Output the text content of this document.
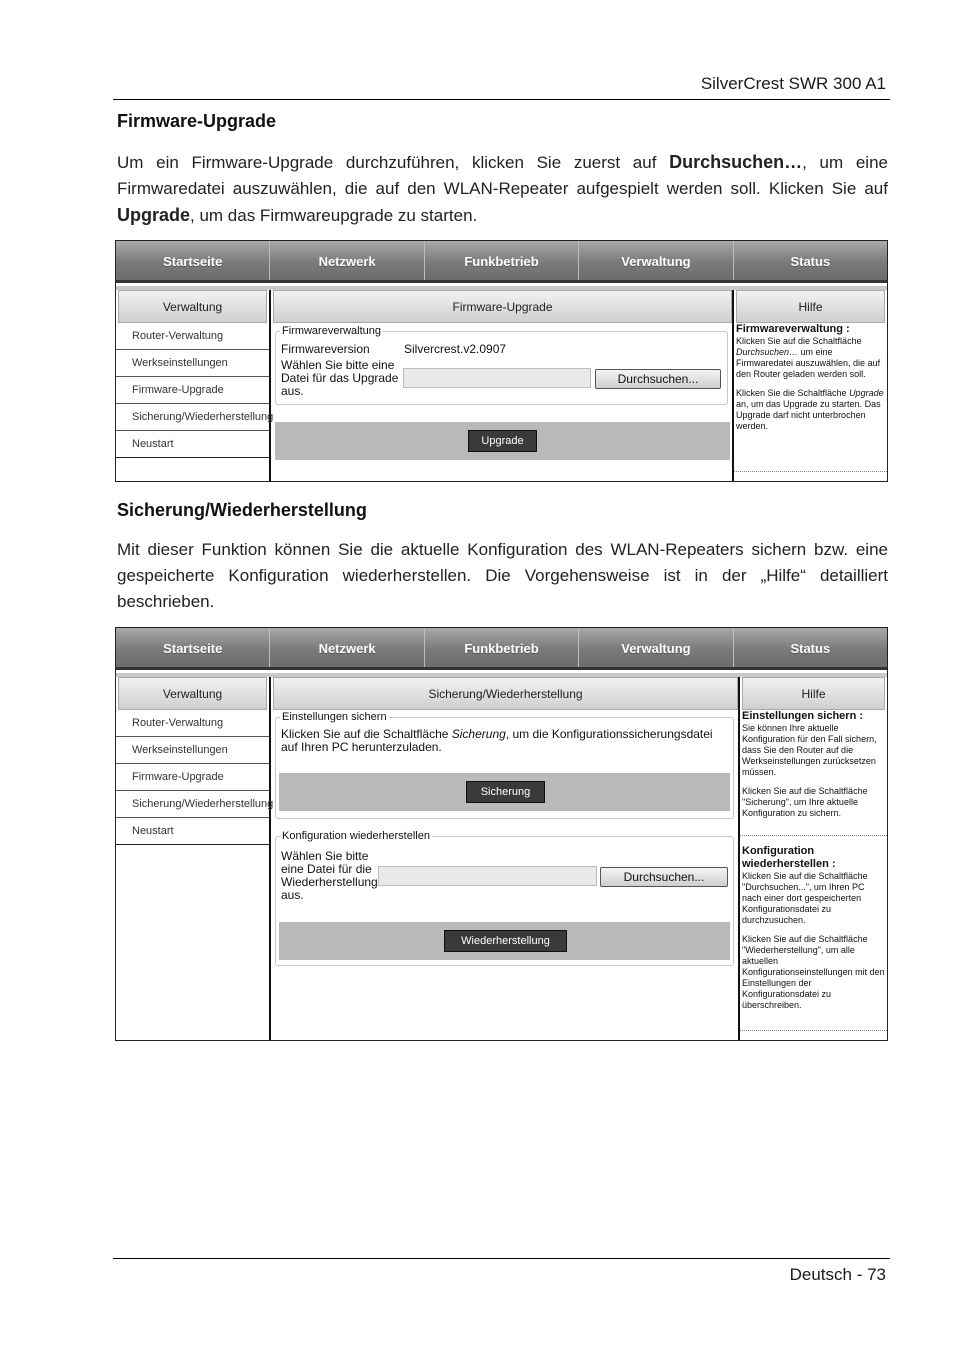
SilverCrest SWR 300 A1
Firmware-Upgrade
Um ein Firmware-Upgrade durchzuführen, klicken Sie zuerst auf Durchsuchen…, um eine Firmwaredatei auszuwählen, die auf den WLAN-Repeater aufgespielt werden soll. Klicken Sie auf Upgrade, um das Firmwareupgrade zu starten.
Startseite	Netzwerk	Funkbetrieb	Verwaltung	Status
Verwaltung
Router-Verwaltung
Werkseinstellungen
Firmware-Upgrade
Sicherung/Wiederherstellung
Neustart
Firmware-Upgrade
Firmwareverwaltung
Firmwareversion	Silvercrest.v2.0907
Wählen Sie bitte eine Datei für das Upgrade aus.
Durchsuchen...
Upgrade
Hilfe
Firmwareverwaltung :

Klicken Sie auf die Schaltfläche Durchsuchen… um eine Firmwaredatei auszuwählen, die auf den Router geladen werden soll.

Klicken Sie die Schaltfläche Upgrade an, um das Upgrade zu starten. Das Upgrade darf nicht unterbrochen werden.

Sicherung/Wiederherstellung
Mit dieser Funktion können Sie die aktuelle Konfiguration des WLAN-Repeaters sichern bzw. eine gespeicherte Konfiguration wiederherstellen. Die Vorgehensweise ist in der „Hilfe“ detailliert beschrieben.
Startseite	Netzwerk	Funkbetrieb	Verwaltung	Status
Verwaltung
Router-Verwaltung
Werkseinstellungen
Firmware-Upgrade
Sicherung/Wiederherstellung
Neustart
Sicherung/Wiederherstellung
Einstellungen sichern
Klicken Sie auf die Schaltfläche Sicherung, um die Konfigurationssicherungsdatei auf Ihren PC herunterzuladen.
Sicherung
Konfiguration wiederherstellen
Wählen Sie bitte eine Datei für die Wiederherstellung aus.
Durchsuchen...
Wiederherstellung
Hilfe
Einstellungen sichern :

Sie können Ihre aktuelle Konfiguration für den Fall sichern, dass Sie den Router auf die Werkseinstellungen zurücksetzen müssen.

Klicken Sie auf die Schaltfläche "Sicherung", um Ihre aktuelle Konfiguration zu sichern.

Konfiguration wiederherstellen :

Klicken Sie auf die Schaltfläche "Durchsuchen...", um Ihren PC nach einer dort gespeicherten Konfigurationsdatei zu durchzusuchen.

Klicken Sie auf die Schaltfläche "Wiederherstellung", um alle aktuellen Konfigurationseinstellungen mit den Einstellungen der Konfigurationsdatei zu überschreiben.

Deutsch - 73
